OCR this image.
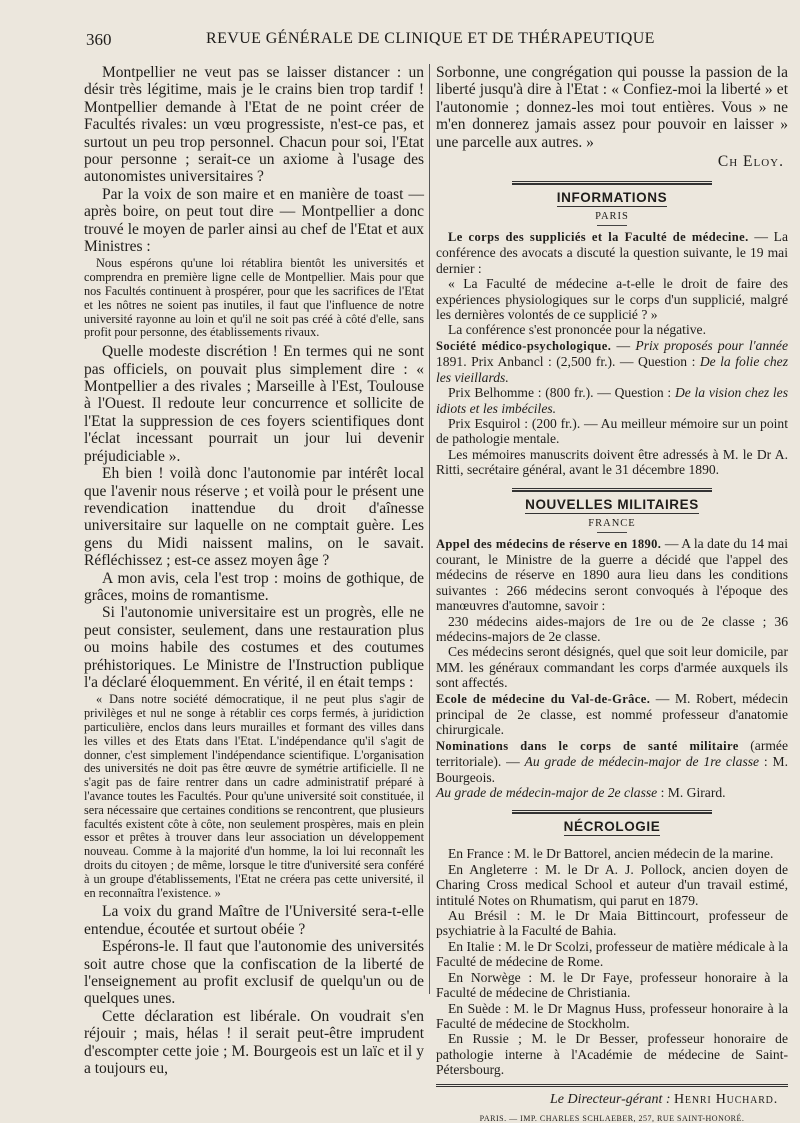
360	REVUE GÉNÉRALE DE CLINIQUE ET DE THÉRAPEUTIQUE

Montpellier ne veut pas se laisser distancer : un désir très légitime, mais je le crains bien trop tardif ! Montpellier demande à l'Etat de ne point créer de Facultés rivales: un vœu progressiste, n'est-ce pas, et surtout un peu trop personnel. Chacun pour soi, l'Etat pour personne ; serait-ce un axiome à l'usage des autonomistes universitaires ?

Par la voix de son maire et en manière de toast — après boire, on peut tout dire — Montpellier a donc trouvé le moyen de parler ainsi au chef de l'Etat et aux Ministres :

Nous espérons qu'une loi rétablira bientôt les universités et comprendra en première ligne celle de Montpellier. Mais pour que nos Facultés continuent à prospérer, pour que les sacrifices de l'Etat et les nôtres ne soient pas inutiles, il faut que l'influence de notre université rayonne au loin et qu'il ne soit pas créé à côté d'elle, sans profit pour personne, des établissements rivaux.

Quelle modeste discrétion ! En termes qui ne sont pas officiels, on pouvait plus simplement dire : « Montpellier a des rivales ; Marseille à l'Est, Toulouse à l'Ouest. Il redoute leur concurrence et sollicite de l'Etat la suppression de ces foyers scientifiques dont l'éclat incessant pourrait un jour lui devenir préjudiciable ».

Eh bien ! voilà donc l'autonomie par intérêt local que l'avenir nous réserve ; et voilà pour le présent une revendication inattendue du droit d'aînesse universitaire sur laquelle on ne comptait guère. Les gens du Midi naissent malins, on le savait. Réfléchissez ; est-ce assez moyen âge ?

A mon avis, cela l'est trop : moins de gothique, de grâces, moins de romantisme.

Si l'autonomie universitaire est un progrès, elle ne peut consister, seulement, dans une restauration plus ou moins habile des costumes et des coutumes préhistoriques. Le Ministre de l'Instruction publique l'a déclaré éloquemment. En vérité, il en était temps :

« Dans notre société démocratique, il ne peut plus s'agir de privilèges et nul ne songe à rétablir ces corps fermés, à juridiction particulière, enclos dans leurs murailles et formant des villes dans les villes et des Etats dans l'Etat. L'indépendance qu'il s'agit de donner, c'est simplement l'indépendance scientifique. L'organisation des universités ne doit pas être œuvre de symétrie artificielle. Il ne s'agit pas de faire rentrer dans un cadre administratif préparé à l'avance toutes les Facultés. Pour qu'une université soit constituée, il sera nécessaire que certaines conditions se rencontrent, que plusieurs facultés existent côte à côte, non seulement prospères, mais en plein essor et prêtes à trouver dans leur association un développement nouveau. Comme à la majorité d'un homme, la loi lui reconnaît les droits du citoyen ; de même, lorsque le titre d'université sera conféré à un groupe d'établissements, l'Etat ne créera pas cette université, il en reconnaîtra l'existence. »

La voix du grand Maître de l'Université sera-t-elle entendue, écoutée et surtout obéie ?

Espérons-le. Il faut que l'autonomie des universités soit autre chose que la confiscation de la liberté de l'enseignement au profit exclusif de quelqu'un ou de quelques unes.

Cette déclaration est libérale. On voudrait s'en réjouir ; mais, hélas ! il serait peut-être imprudent d'escompter cette joie ; M. Bourgeois est un laïc et il y a toujours eu,

Sorbonne, une congrégation qui pousse la passion de la liberté jusqu'à dire à l'Etat : « Confiez-moi la liberté » et l'autonomie ; donnez-les moi tout entières. Vous » ne m'en donnerez jamais assez pour pouvoir en laisser » une parcelle aux autres. »

Ch Eloy.
INFORMATIONS
PARIS

Le corps des suppliciés et la Faculté de médecine. — La conférence des avocats a discuté la question suivante, le 19 mai dernier :

« La Faculté de médecine a-t-elle le droit de faire des expériences physiologiques sur le corps d'un supplicié, malgré les dernières volontés de ce supplicié ? »

La conférence s'est prononcée pour la négative.

Société médico-psychologique. — Prix proposés pour l'année 1891. Prix Anbancl : (2,500 fr.). — Question : De la folie chez les vieillards.

Prix Belhomme : (800 fr.). — Question : De la vision chez les idiots et les imbéciles.

Prix Esquirol : (200 fr.). — Au meilleur mémoire sur un point de pathologie mentale.

Les mémoires manuscrits doivent être adressés à M. le Dr A. Ritti, secrétaire général, avant le 31 décembre 1890.

NOUVELLES MILITAIRES
FRANCE

Appel des médecins de réserve en 1890. — A la date du 14 mai courant, le Ministre de la guerre a décidé que l'appel des médecins de réserve en 1890 aura lieu dans les conditions suivantes : 266 médecins seront convoqués à l'époque des manœuvres d'automne, savoir :

230 médecins aides-majors de 1re ou de 2e classe ; 36 médecins-majors de 2e classe.

Ces médecins seront désignés, quel que soit leur domicile, par MM. les généraux commandant les corps d'armée auxquels ils sont affectés.

Ecole de médecine du Val-de-Grâce. — M. Robert, médecin principal de 2e classe, est nommé professeur d'anatomie chirurgicale.

Nominations dans le corps de santé militaire (armée territoriale). — Au grade de médecin-major de 1re classe : M. Bourgeois.

Au grade de médecin-major de 2e classe : M. Girard.

NÉCROLOGIE

En France : M. le Dr Battorel, ancien médecin de la marine.

En Angleterre : M. le Dr A. J. Pollock, ancien doyen de Charing Cross medical School et auteur d'un travail estimé, intitulé Notes on Rhumatism, qui parut en 1879.

Au Brésil : M. le Dr Maia Bittincourt, professeur de psychiatrie à la Faculté de Bahia.

En Italie : M. le Dr Scolzi, professeur de matière médicale à la Faculté de médecine de Rome.

En Norwège : M. le Dr Faye, professeur honoraire à la Faculté de médecine de Christiania.

En Suède : M. le Dr Magnus Huss, professeur honoraire à la Faculté de médecine de Stockholm.

En Russie ; M. le Dr Besser, professeur honoraire de pathologie interne à l'Académie de médecine de Saint-Pétersbourg.

Le Directeur-gérant : Henri Huchard.
PARIS. — IMP. CHARLES SCHLAEBER, 257, RUE SAINT-HONORÉ.
